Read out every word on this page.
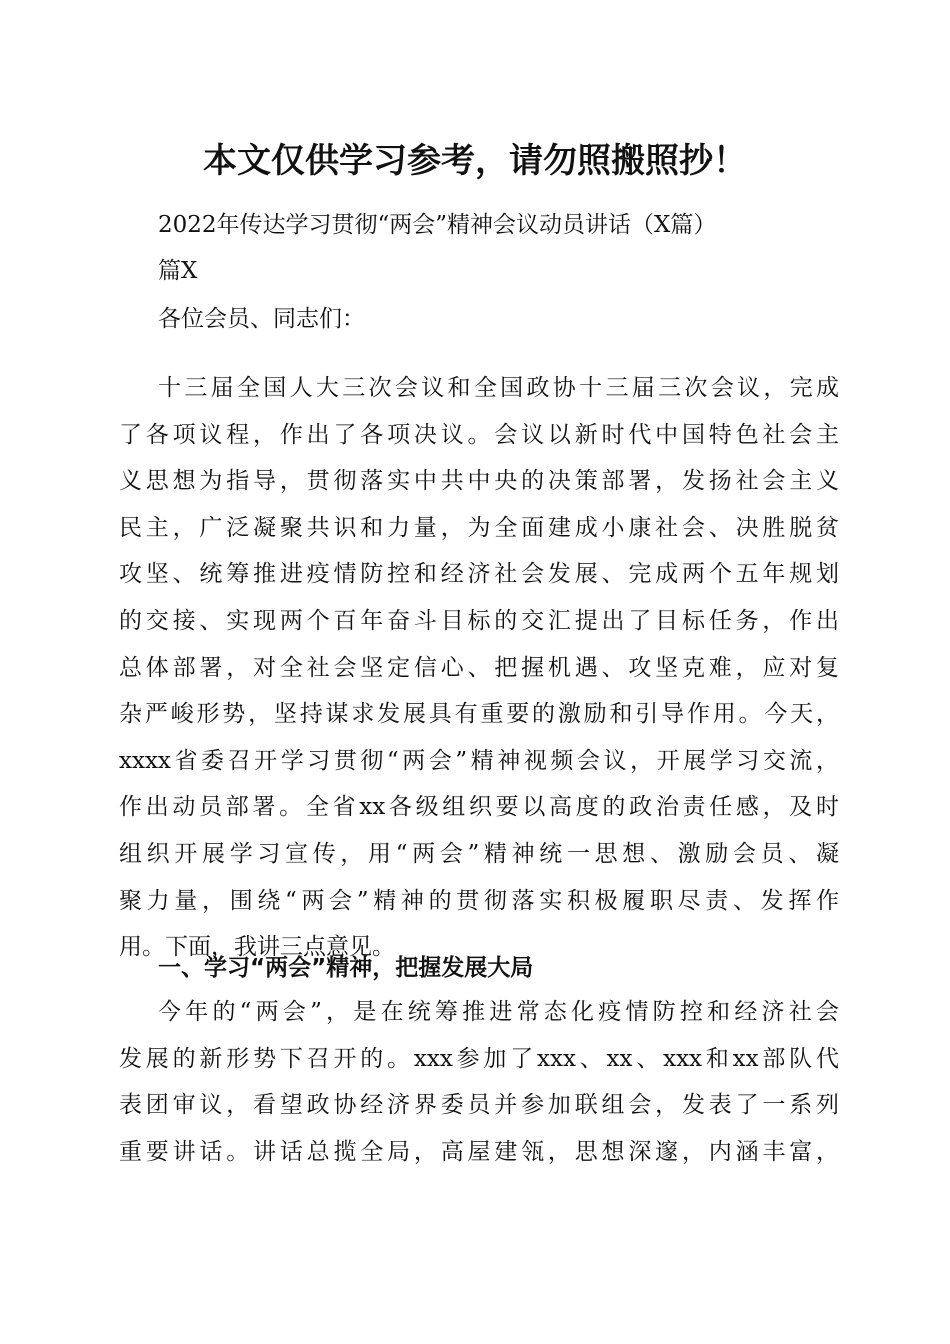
本文仅供学习参考，请勿照搬照抄！
2022年传达学习贯彻“两会”精神会议动员讲话（X篇）
篇X
各位会员、同志们：
十三届全国人大三次会议和全国政协十三届三次会议，完成
了各项议程，作出了各项决议。会议以新时代中国特色社会主
义思想为指导，贯彻落实中共中央的决策部署，发扬社会主义
民主，广泛凝聚共识和力量，为全面建成小康社会、决胜脱贫
攻坚、统筹推进疫情防控和经济社会发展、完成两个五年规划
的交接、实现两个百年奋斗目标的交汇提出了目标任务，作出
总体部署，对全社会坚定信心、把握机遇、攻坚克难，应对复
杂严峻形势，坚持谋求发展具有重要的激励和引导作用。今天，
xxxx省委召开学习贯彻“两会”精神视频会议，开展学习交流，
作出动员部署。全省xx各级组织要以高度的政治责任感，及时
组织开展学习宣传，用“两会”精神统一思想、激励会员、凝
聚力量，围绕“两会”精神的贯彻落实积极履职尽责、发挥作
用。下面，我讲三点意见。
一、学习“两会”精神，把握发展大局
今年的“两会”，是在统筹推进常态化疫情防控和经济社会
发展的新形势下召开的。xxx参加了xxx、xx、xxx和xx部队代
表团审议，看望政协经济界委员并参加联组会，发表了一系列
重要讲话。讲话总揽全局，高屋建瓴，思想深邃，内涵丰富，
